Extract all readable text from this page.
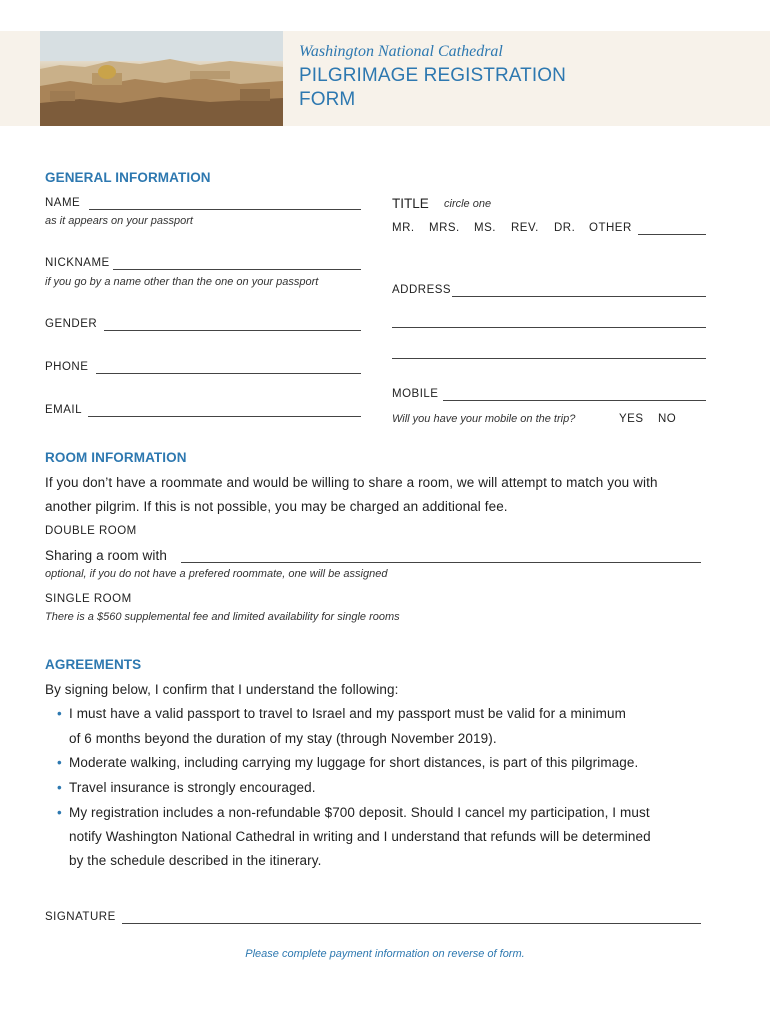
Washington National Cathedral
PILGRIMAGE REGISTRATION
FORM
GENERAL INFORMATION
NAME
as it appears on your passport
NICKNAME
if you go by a name other than the one on your passport
GENDER
PHONE
EMAIL
TITLE circle one
MR. MRS. MS. REV. DR. OTHER
ADDRESS
MOBILE
Will you have your mobile on the trip?	YES NO
ROOM INFORMATION
If you don’t have a roommate and would be willing to share a room, we will attempt to match you with
another pilgrim. If this is not possible, you may be charged an additional fee.
DOUBLE ROOM
Sharing a room with
optional, if you do not have a prefered roommate, one will be assigned
SINGLE ROOM
There is a $560 supplemental fee and limited availability for single rooms
AGREEMENTS
By signing below, I confirm that I understand the following:
• I must have a valid passport to travel to Israel and my passport must be valid for a minimum
of 6 months beyond the duration of my stay (through November 2019).
• Moderate walking, including carrying my luggage for short distances, is part of this pilgrimage.
• Travel insurance is strongly encouraged.
• My registration includes a non-refundable $700 deposit. Should I cancel my participation, I must
notify Washington National Cathedral in writing and I understand that refunds will be determined
by the schedule described in the itinerary.
SIGNATURE
Please complete payment information on reverse of form.
